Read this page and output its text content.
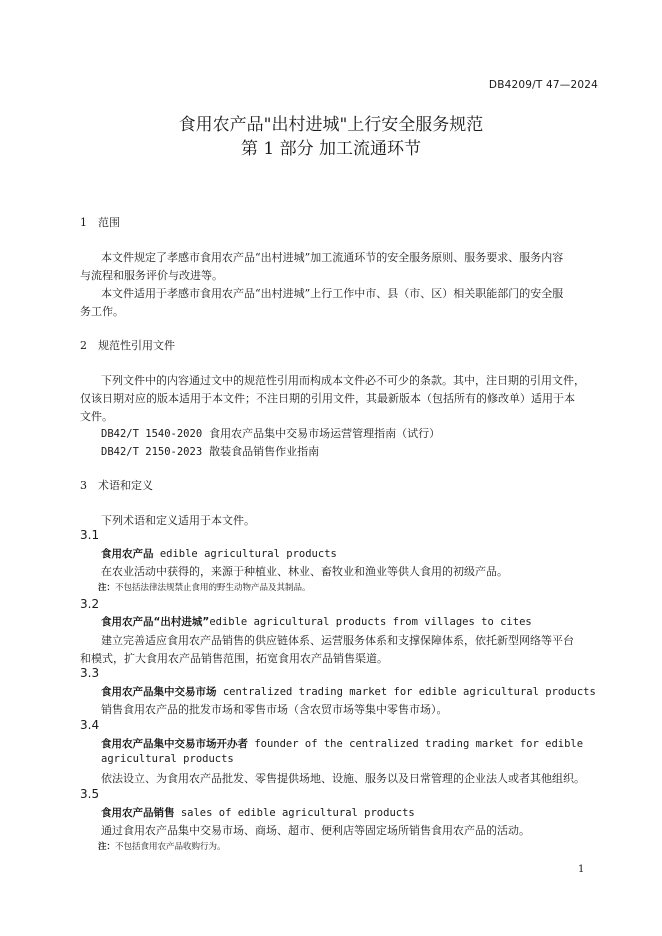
DB4209/T 47—2024
食用农产品"出村进城"上行安全服务规范
第 1 部分 加工流通环节
1 范围
本文件规定了孝感市食用农产品“出村进城”加工流通环节的安全服务原则、服务要求、服务内容
与流程和服务评价与改进等。
本文件适用于孝感市食用农产品“出村进城”上行工作中市、县（市、区）相关职能部门的安全服
务工作。
2 规范性引用文件
下列文件中的内容通过文中的规范性引用而构成本文件必不可少的条款。其中，注日期的引用文件，
仅该日期对应的版本适用于本文件；不注日期的引用文件，其最新版本（包括所有的修改单）适用于本
文件。
DB42/T 1540-2020 食用农产品集中交易市场运营管理指南（试行）
DB42/T 2150-2023 散装食品销售作业指南
3 术语和定义
下列术语和定义适用于本文件。
3.1
食用农产品 edible agricultural products
在农业活动中获得的，来源于种植业、林业、畜牧业和渔业等供人食用的初级产品。
注：不包括法律法规禁止食用的野生动物产品及其制品。
3.2
食用农产品“出村进城”edible agricultural products from villages to cites
建立完善适应食用农产品销售的供应链体系、运营服务体系和支撑保障体系，依托新型网络等平台
和模式，扩大食用农产品销售范围，拓宽食用农产品销售渠道。
3.3
食用农产品集中交易市场 centralized trading market for edible agricultural products
销售食用农产品的批发市场和零售市场（含农贸市场等集中零售市场）。
3.4
食用农产品集中交易市场开办者 founder of the centralized trading market for edible
agricultural products
依法设立、为食用农产品批发、零售提供场地、设施、服务以及日常管理的企业法人或者其他组织。
3.5
食用农产品销售 sales of edible agricultural products
通过食用农产品集中交易市场、商场、超市、便利店等固定场所销售食用农产品的活动。
注：不包括食用农产品收购行为。
1
